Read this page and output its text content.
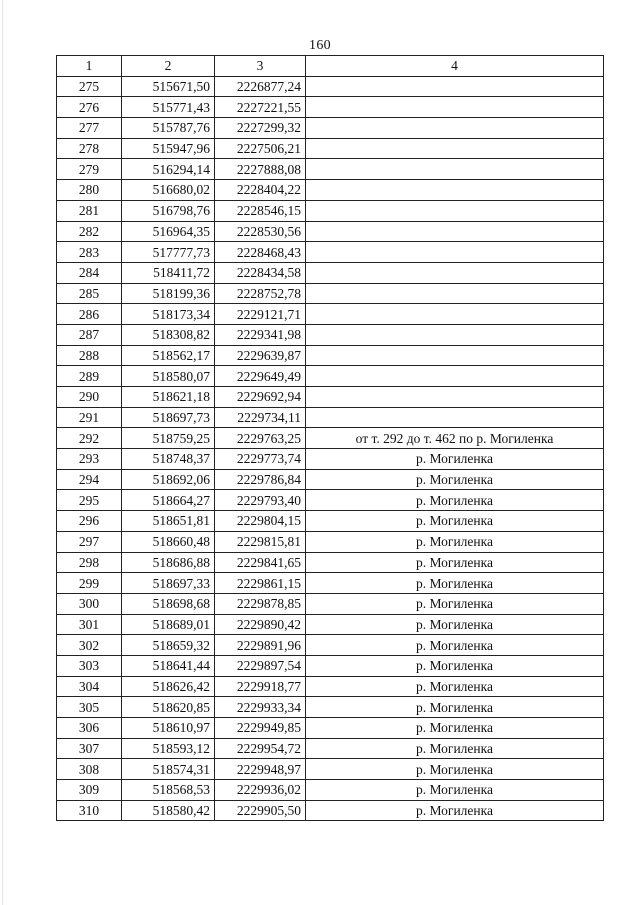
160
1	2	3	4
275	515671,50	2226877,24	
276	515771,43	2227221,55	
277	515787,76	2227299,32	
278	515947,96	2227506,21	
279	516294,14	2227888,08	
280	516680,02	2228404,22	
281	516798,76	2228546,15	
282	516964,35	2228530,56	
283	517777,73	2228468,43	
284	518411,72	2228434,58	
285	518199,36	2228752,78	
286	518173,34	2229121,71	
287	518308,82	2229341,98	
288	518562,17	2229639,87	
289	518580,07	2229649,49	
290	518621,18	2229692,94	
291	518697,73	2229734,11	
292	518759,25	2229763,25	от т. 292 до т. 462 по р. Могиленка
293	518748,37	2229773,74	р. Могиленка
294	518692,06	2229786,84	р. Могиленка
295	518664,27	2229793,40	р. Могиленка
296	518651,81	2229804,15	р. Могиленка
297	518660,48	2229815,81	р. Могиленка
298	518686,88	2229841,65	р. Могиленка
299	518697,33	2229861,15	р. Могиленка
300	518698,68	2229878,85	р. Могиленка
301	518689,01	2229890,42	р. Могиленка
302	518659,32	2229891,96	р. Могиленка
303	518641,44	2229897,54	р. Могиленка
304	518626,42	2229918,77	р. Могиленка
305	518620,85	2229933,34	р. Могиленка
306	518610,97	2229949,85	р. Могиленка
307	518593,12	2229954,72	р. Могиленка
308	518574,31	2229948,97	р. Могиленка
309	518568,53	2229936,02	р. Могиленка
310	518580,42	2229905,50	р. Могиленка
